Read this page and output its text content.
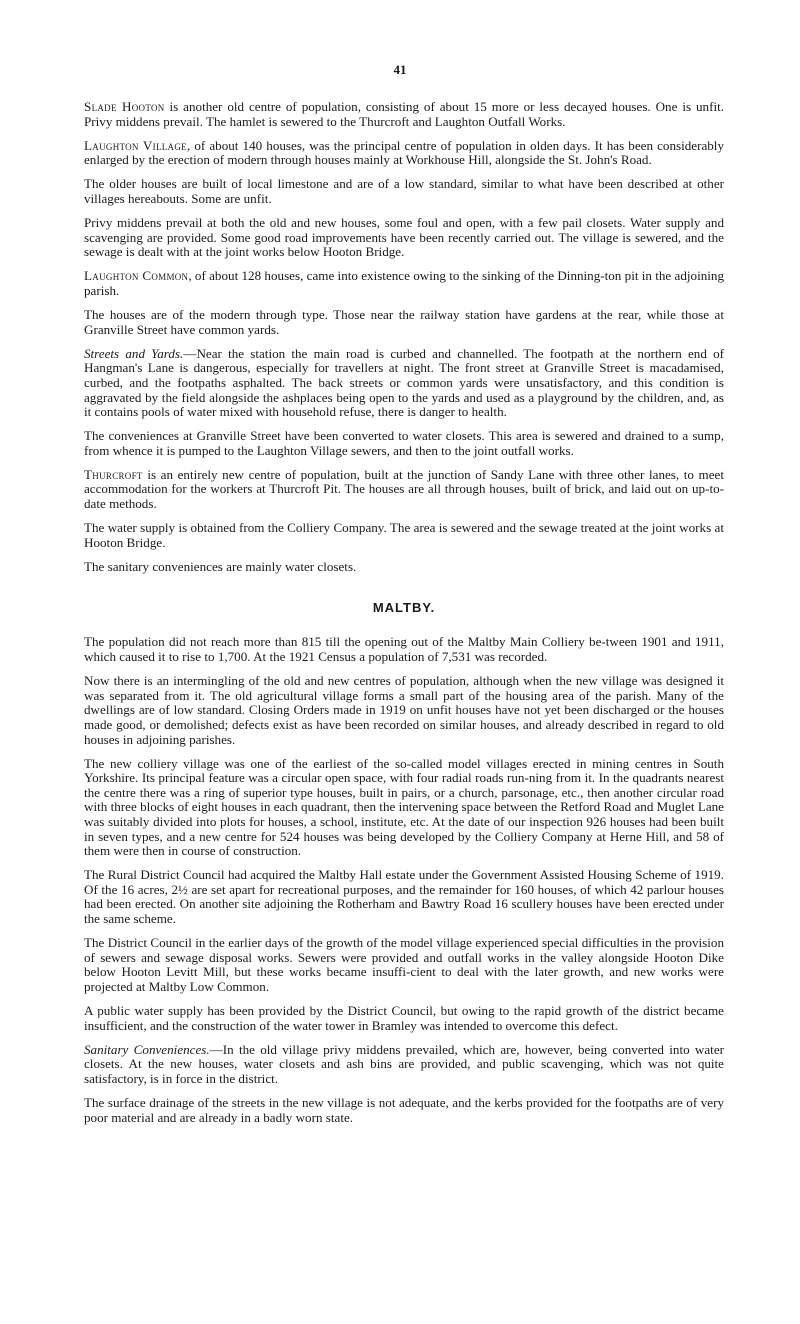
41

Slade Hooton is another old centre of population, consisting of about 15 more or less decayed houses. One is unfit. Privy middens prevail. The hamlet is sewered to the Thurcroft and Laughton Outfall Works.

Laughton Village, of about 140 houses, was the principal centre of population in olden days. It has been considerably enlarged by the erection of modern through houses mainly at Workhouse Hill, alongside the St. John's Road.

The older houses are built of local limestone and are of a low standard, similar to what have been described at other villages hereabouts. Some are unfit.

Privy middens prevail at both the old and new houses, some foul and open, with a few pail closets. Water supply and scavenging are provided. Some good road improvements have been recently carried out. The village is sewered, and the sewage is dealt with at the joint works below Hooton Bridge.

Laughton Common, of about 128 houses, came into existence owing to the sinking of the Dinning-ton pit in the adjoining parish.

The houses are of the modern through type. Those near the railway station have gardens at the rear, while those at Granville Street have common yards.

Streets and Yards.—Near the station the main road is curbed and channelled. The footpath at the northern end of Hangman's Lane is dangerous, especially for travellers at night. The front street at Granville Street is macadamised, curbed, and the footpaths asphalted. The back streets or common yards were unsatisfactory, and this condition is aggravated by the field alongside the ashplaces being open to the yards and used as a playground by the children, and, as it contains pools of water mixed with household refuse, there is danger to health.

The conveniences at Granville Street have been converted to water closets. This area is sewered and drained to a sump, from whence it is pumped to the Laughton Village sewers, and then to the joint outfall works.

Thurcroft is an entirely new centre of population, built at the junction of Sandy Lane with three other lanes, to meet accommodation for the workers at Thurcroft Pit. The houses are all through houses, built of brick, and laid out on up-to-date methods.

The water supply is obtained from the Colliery Company. The area is sewered and the sewage treated at the joint works at Hooton Bridge.

The sanitary conveniences are mainly water closets.

MALTBY.

The population did not reach more than 815 till the opening out of the Maltby Main Colliery be-tween 1901 and 1911, which caused it to rise to 1,700. At the 1921 Census a population of 7,531 was recorded.

Now there is an intermingling of the old and new centres of population, although when the new village was designed it was separated from it. The old agricultural village forms a small part of the housing area of the parish. Many of the dwellings are of low standard. Closing Orders made in 1919 on unfit houses have not yet been discharged or the houses made good, or demolished; defects exist as have been recorded on similar houses, and already described in regard to old houses in adjoining parishes.

The new colliery village was one of the earliest of the so-called model villages erected in mining centres in South Yorkshire. Its principal feature was a circular open space, with four radial roads run-ning from it. In the quadrants nearest the centre there was a ring of superior type houses, built in pairs, or a church, parsonage, etc., then another circular road with three blocks of eight houses in each quadrant, then the intervening space between the Retford Road and Muglet Lane was suitably divided into plots for houses, a school, institute, etc. At the date of our inspection 926 houses had been built in seven types, and a new centre for 524 houses was being developed by the Colliery Company at Herne Hill, and 58 of them were then in course of construction.

The Rural District Council had acquired the Maltby Hall estate under the Government Assisted Housing Scheme of 1919. Of the 16 acres, 2½ are set apart for recreational purposes, and the remainder for 160 houses, of which 42 parlour houses had been erected. On another site adjoining the Rotherham and Bawtry Road 16 scullery houses have been erected under the same scheme.

The District Council in the earlier days of the growth of the model village experienced special difficulties in the provision of sewers and sewage disposal works. Sewers were provided and outfall works in the valley alongside Hooton Dike below Hooton Levitt Mill, but these works became insuffi-cient to deal with the later growth, and new works were projected at Maltby Low Common.

A public water supply has been provided by the District Council, but owing to the rapid growth of the district became insufficient, and the construction of the water tower in Bramley was intended to overcome this defect.

Sanitary Conveniences.—In the old village privy middens prevailed, which are, however, being converted into water closets. At the new houses, water closets and ash bins are provided, and public scavenging, which was not quite satisfactory, is in force in the district.

The surface drainage of the streets in the new village is not adequate, and the kerbs provided for the footpaths are of very poor material and are already in a badly worn state.
